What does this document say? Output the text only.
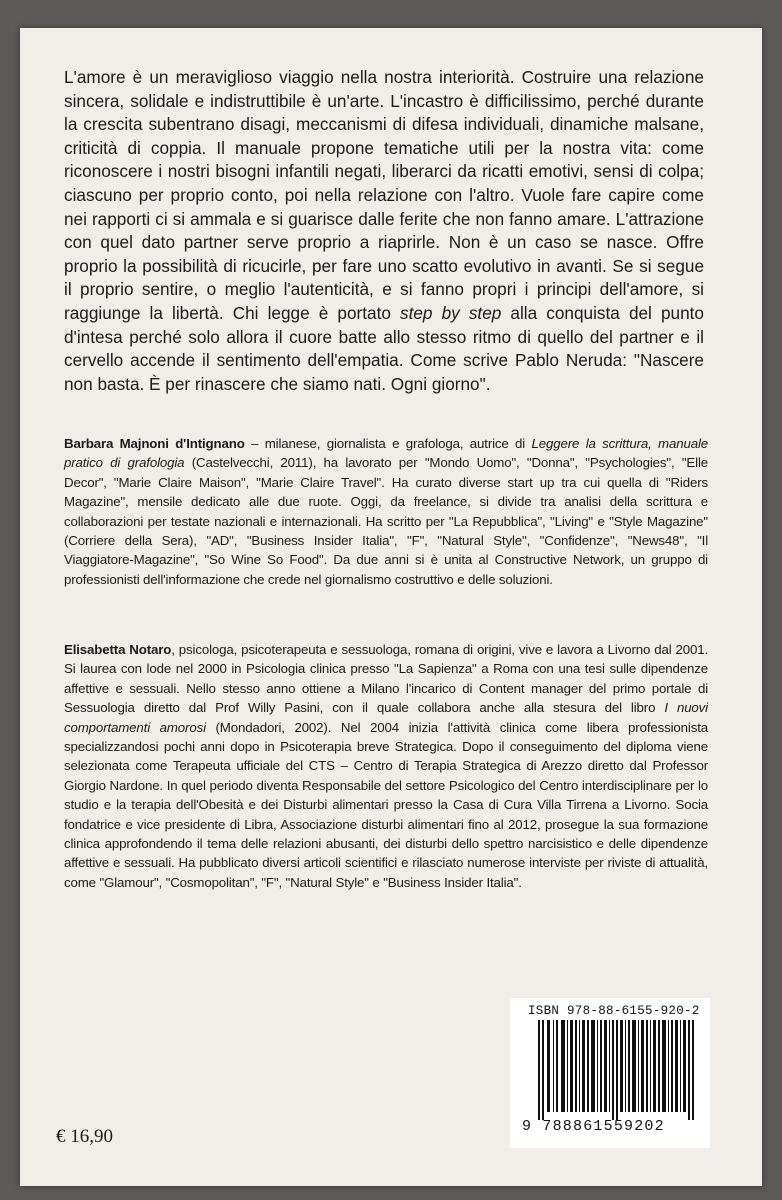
L'amore è un meraviglioso viaggio nella nostra interiorità. Costruire una relazione sincera, solidale e indistruttibile è un'arte. L'incastro è difficilissimo, perché durante la crescita subentrano disagi, meccanismi di difesa individuali, dinamiche malsane, criticità di coppia. Il manuale propone tematiche utili per la nostra vita: come riconoscere i nostri bisogni infantili negati, liberarci da ricatti emotivi, sensi di colpa; ciascuno per proprio conto, poi nella relazione con l'altro. Vuole fare capire come nei rapporti ci si ammala e si guarisce dalle ferite che non fanno amare. L'attrazione con quel dato partner serve proprio a riaprirle. Non è un caso se nasce. Offre proprio la possibilità di ricucirle, per fare uno scatto evolutivo in avanti. Se si segue il proprio sentire, o meglio l'autenticità, e si fanno propri i principi dell'amore, si raggiunge la libertà. Chi legge è portato step by step alla conquista del punto d'intesa perché solo allora il cuore batte allo stesso ritmo di quello del partner e il cervello accende il sentimento dell'empatia. Come scrive Pablo Neruda: "Nascere non basta. È per rinascere che siamo nati. Ogni giorno".
Barbara Majnoni d'Intignano – milanese, giornalista e grafologa, autrice di Leggere la scrittura, manuale pratico di grafologia (Castelvecchi, 2011), ha lavorato per "Mondo Uomo", "Donna", "Psychologies", "Elle Decor", "Marie Claire Maison", "Marie Claire Travel". Ha curato diverse start up tra cui quella di "Riders Magazine", mensile dedicato alle due ruote. Oggi, da freelance, si divide tra analisi della scrittura e collaborazioni per testate nazionali e internazionali. Ha scritto per "La Repubblica", "Living" e "Style Magazine" (Corriere della Sera), "AD", "Business Insider Italia", "F", "Natural Style", "Confidenze", "News48", "Il Viaggiatore-Magazine", "So Wine So Food". Da due anni si è unita al Constructive Network, un gruppo di professionisti dell'informazione che crede nel giornalismo costruttivo e delle soluzioni.
Elisabetta Notaro, psicologa, psicoterapeuta e sessuologa, romana di origini, vive e lavora a Livorno dal 2001. Si laurea con lode nel 2000 in Psicologia clinica presso "La Sapienza" a Roma con una tesi sulle dipendenze affettive e sessuali. Nello stesso anno ottiene a Milano l'incarico di Content manager del primo portale di Sessuologia diretto dal Prof Willy Pasini, con il quale collabora anche alla stesura del libro I nuovi comportamenti amorosi (Mondadori, 2002). Nel 2004 inizia l'attività clinica come libera professionista specializzandosi pochi anni dopo in Psicoterapia breve Strategica. Dopo il conseguimento del diploma viene selezionata come Terapeuta ufficiale del CTS – Centro di Terapia Strategica di Arezzo diretto dal Professor Giorgio Nardone. In quel periodo diventa Responsabile del settore Psicologico del Centro interdisciplinare per lo studio e la terapia dell'Obesità e dei Disturbi alimentari presso la Casa di Cura Villa Tirrena a Livorno. Socia fondatrice e vice presidente di Libra, Associazione disturbi alimentari fino al 2012, prosegue la sua formazione clinica approfondendo il tema delle relazioni abusanti, dei disturbi dello spettro narcisistico e delle dipendenze affettive e sessuali. Ha pubblicato diversi articoli scientifici e rilasciato numerose interviste per riviste di attualità, come "Glamour", "Cosmopolitan", "F", "Natural Style" e "Business Insider Italia".
€ 16,90
ISBN 978-88-6155-920-2
9 788861559202
